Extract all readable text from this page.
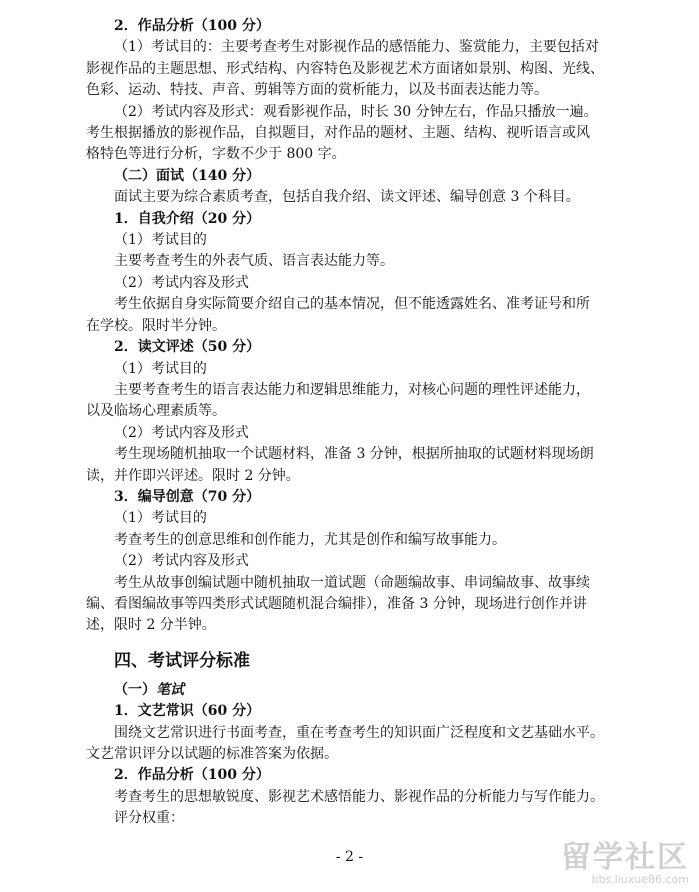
2．作品分析（100 分）
（1）考试目的：主要考查考生对影视作品的感悟能力、鉴赏能力，主要包括对
影视作品的主题思想、形式结构、内容特色及影视艺术方面诸如景别、构图、光线、
色彩、运动、特技、声音、剪辑等方面的赏析能力，以及书面表达能力等。
（2）考试内容及形式：观看影视作品，时长 30 分钟左右，作品只播放一遍。
考生根据播放的影视作品，自拟题目，对作品的题材、主题、结构、视听语言或风
格特色等进行分析，字数不少于 800 字。
（二）面试（140 分）
面试主要为综合素质考查，包括自我介绍、读文评述、编导创意 3 个科目。
1．自我介绍（20 分）
（1）考试目的
主要考查考生的外表气质、语言表达能力等。
（2）考试内容及形式
考生依据自身实际简要介绍自己的基本情况，但不能透露姓名、准考证号和所
在学校。限时半分钟。
2．读文评述（50 分）
（1）考试目的
主要考查考生的语言表达能力和逻辑思维能力，对核心问题的理性评述能力，
以及临场心理素质等。
（2）考试内容及形式
考生现场随机抽取一个试题材料，准备 3 分钟，根据所抽取的试题材料现场朗
读，并作即兴评述。限时 2 分钟。
3．编导创意（70 分）
（1）考试目的
考查考生的创意思维和创作能力，尤其是创作和编写故事能力。
（2）考试内容及形式
考生从故事创编试题中随机抽取一道试题（命题编故事、串词编故事、故事续
编、看图编故事等四类形式试题随机混合编排），准备 3 分钟，现场进行创作并讲
述，限时 2 分半钟。
四、考试评分标准
（一）笔试
1．文艺常识（60 分）
围绕文艺常识进行书面考查，重在考查考生的知识面广泛程度和文艺基础水平。
文艺常识评分以试题的标准答案为依据。
2．作品分析（100 分）
考查考生的思想敏锐度、影视艺术感悟能力、影视作品的分析能力与写作能力。
评分权重：
- 2 -	留学社区
bbs.liuxue86.com
